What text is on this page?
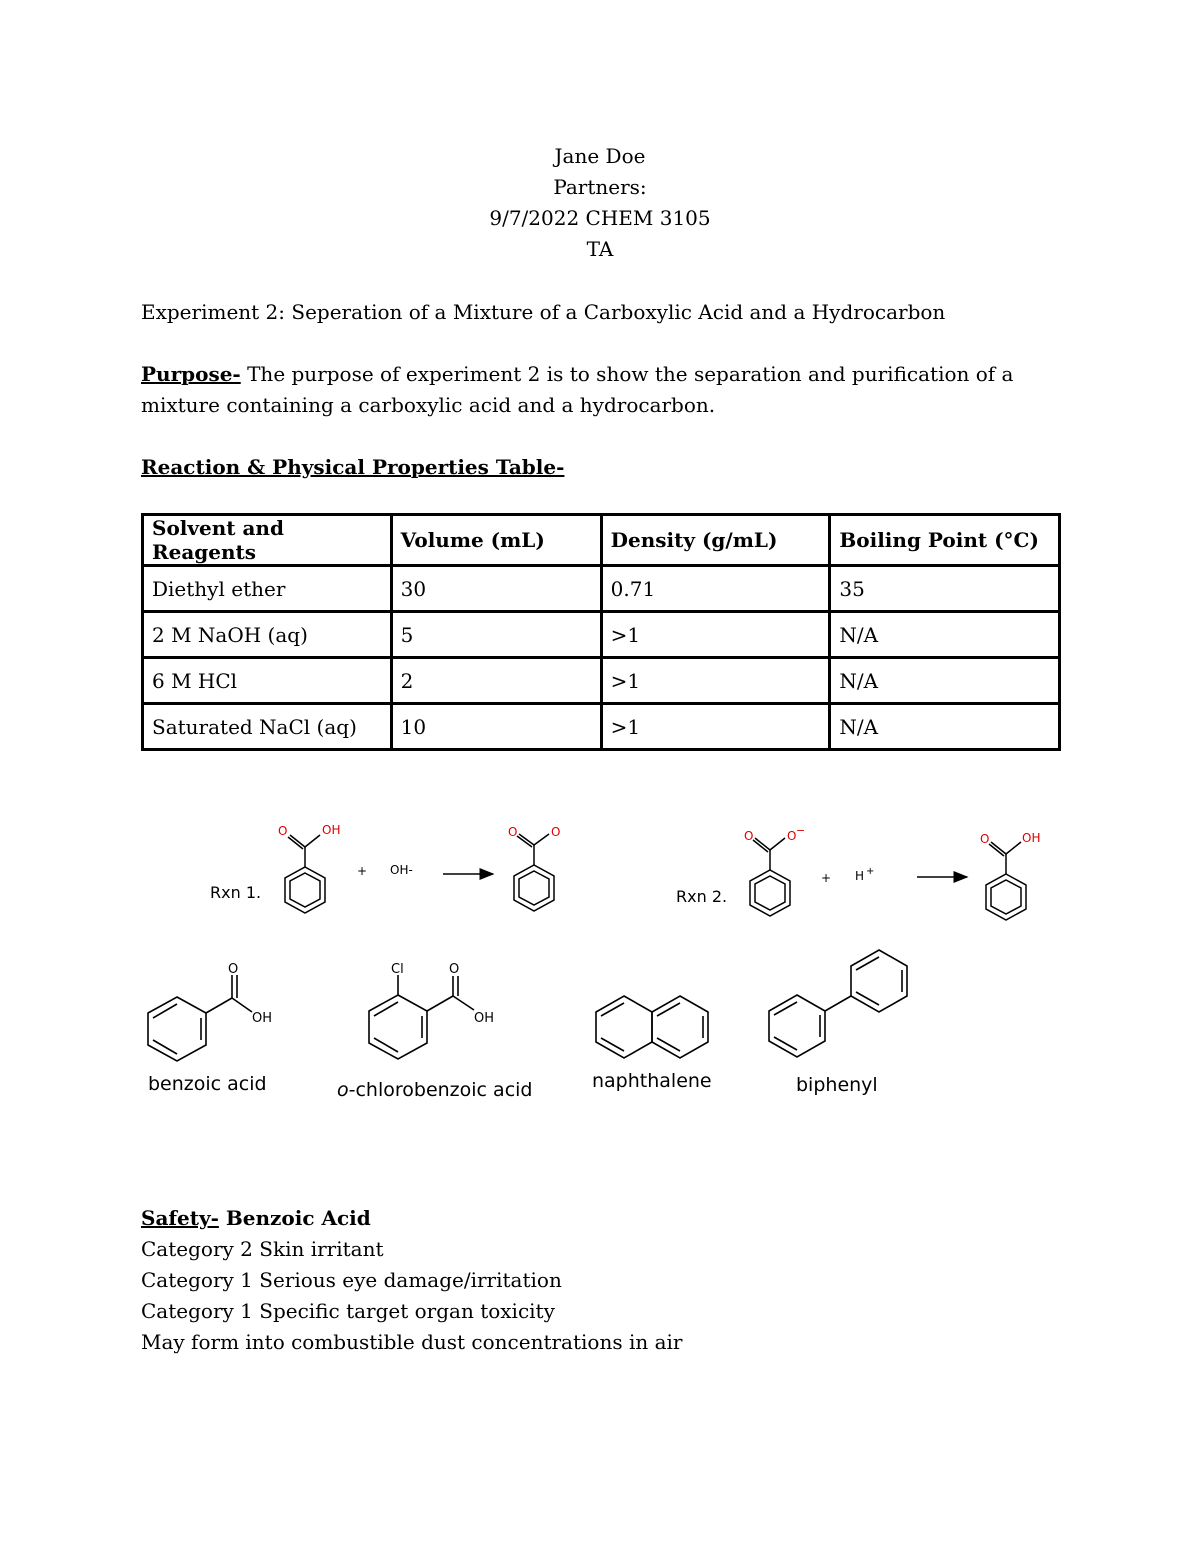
Jane Doe
Partners:
9/7/2022 CHEM 3105
TA
Experiment 2: Seperation of a Mixture of a Carboxylic Acid and a Hydrocarbon
Purpose- The purpose of experiment 2 is to show the separation and purification of a mixture containing a carboxylic acid and a hydrocarbon.
Reaction & Physical Properties Table-
Solvent and Reagents	Volume (mL)	Density (g/mL)	Boiling Point (°C)
Diethyl ether	30	0.71	35
2 M NaOH (aq)	5	>1	N/A
6 M HCl	2	>1	N/A
Saturated NaCl (aq)	10	>1	N/A
Rxn 1.
O	OH
+ OH-
O	O
Rxn 2.
O	O −
+ H +
O	OH
O
OH
benzoic acid
Cl	O
OH
o-chlorobenzoic acid	naphthalene	biphenyl
Safety- Benzoic Acid
Category 2 Skin irritant
Category 1 Serious eye damage/irritation
Category 1 Specific target organ toxicity
May form into combustible dust concentrations in air
